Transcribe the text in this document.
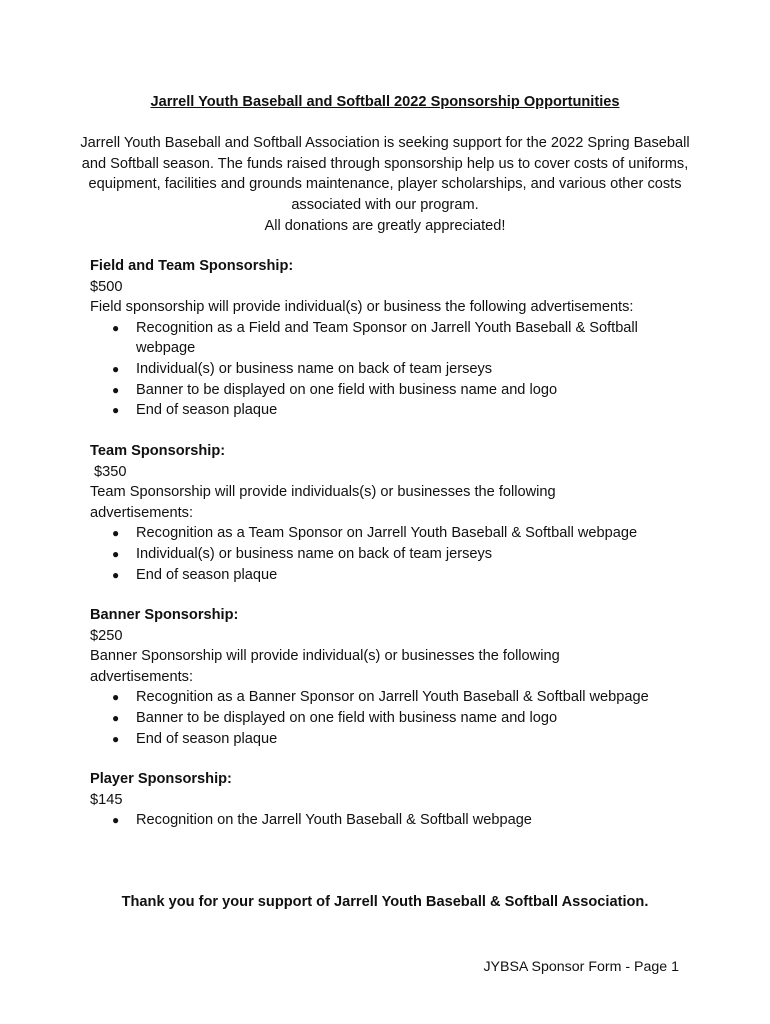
Jarrell Youth Baseball and Softball 2022 Sponsorship Opportunities

Jarrell Youth Baseball and Softball Association is seeking support for the 2022 Spring Baseball and Softball season. The funds raised through sponsorship help us to cover costs of uniforms, equipment, facilities and grounds maintenance, player scholarships, and various other costs associated with our program.

All donations are greatly appreciated!

Field and Team Sponsorship:
$500
Field sponsorship will provide individual(s) or business the following advertisements:
● Recognition as a Field and Team Sponsor on Jarrell Youth Baseball & Softball webpage
● Individual(s) or business name on back of team jerseys
● Banner to be displayed on one field with business name and logo
● End of season plaque
Team Sponsorship:
$350
Team Sponsorship will provide individuals(s) or businesses the following advertisements:
● Recognition as a Team Sponsor on Jarrell Youth Baseball & Softball webpage
● Individual(s) or business name on back of team jerseys
● End of season plaque
Banner Sponsorship:
$250
Banner Sponsorship will provide individual(s) or businesses the following advertisements:
● Recognition as a Banner Sponsor on Jarrell Youth Baseball & Softball webpage
● Banner to be displayed on one field with business name and logo
● End of season plaque
Player Sponsorship:
$145
● Recognition on the Jarrell Youth Baseball & Softball webpage
Thank you for your support of Jarrell Youth Baseball & Softball Association.
JYBSA Sponsor Form - Page 1
